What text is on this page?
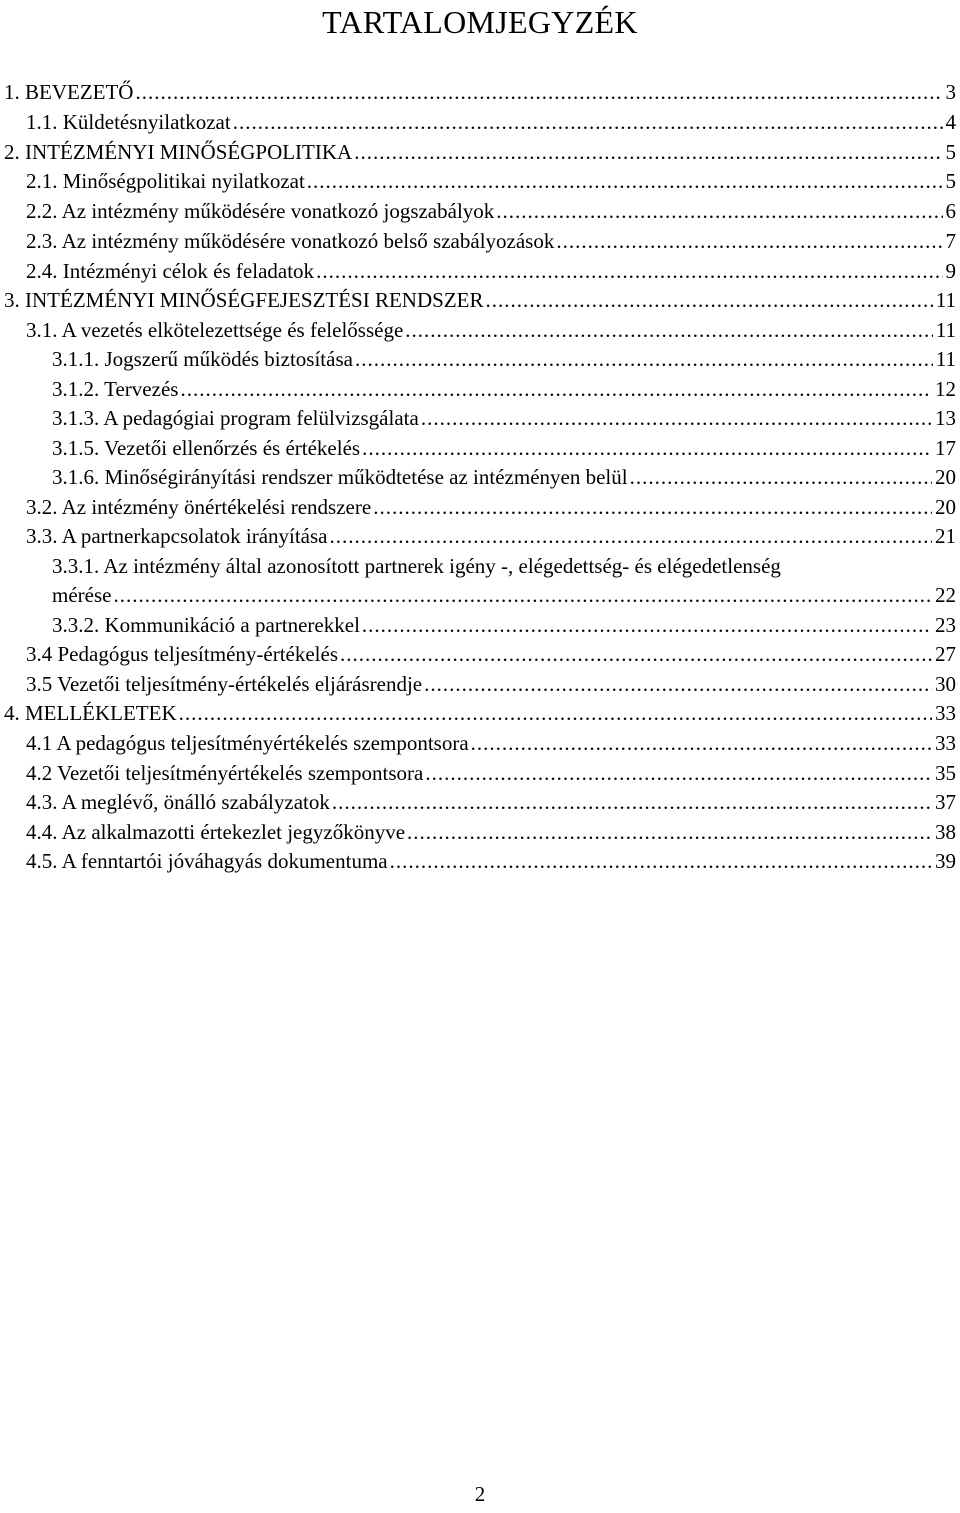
TARTALOMJEGYZÉK
1. BEVEZETŐ .....	3
1.1. Küldetésnyilatkozat .....	4
2. INTÉZMÉNYI MINŐSÉGPOLITIKA .....	5
2.1. Minőségpolitikai nyilatkozat .....	5
2.2. Az intézmény működésére vonatkozó jogszabályok .....	6
2.3. Az intézmény működésére vonatkozó belső szabályozások .....	7
2.4. Intézményi célok és feladatok .....	9
3. INTÉZMÉNYI MINŐSÉGFEJESZTÉSI RENDSZER .....	11
3.1. A vezetés elkötelezettsége és felelőssége .....	11
3.1.1. Jogszerű működés biztosítása .....	11
3.1.2. Tervezés .....	12
3.1.3. A pedagógiai program felülvizsgálata .....	13
3.1.5. Vezetői ellenőrzés és értékelés .....	17
3.1.6. Minőségirányítási rendszer működtetése az intézményen belül .....	20
3.2. Az intézmény önértékelési rendszere .....	20
3.3. A partnerkapcsolatok irányítása .....	21
3.3.1. Az intézmény által azonosított partnerek igény -, elégedettség- és elégedetlenség
mérése .....	22
3.3.2. Kommunikáció a partnerekkel .....	23
3.4 Pedagógus teljesítmény-értékelés .....	27
3.5 Vezetői teljesítmény-értékelés eljárásrendje .....	30
4. MELLÉKLETEK .....	33
4.1 A pedagógus teljesítményértékelés szempontsora .....	33
4.2 Vezetői teljesítményértékelés szempontsora .....	35
4.3. A meglévő, önálló szabályzatok .....	37
4.4. Az alkalmazotti értekezlet jegyzőkönyve .....	38
4.5. A fenntartói jóváhagyás dokumentuma .....	39
2
